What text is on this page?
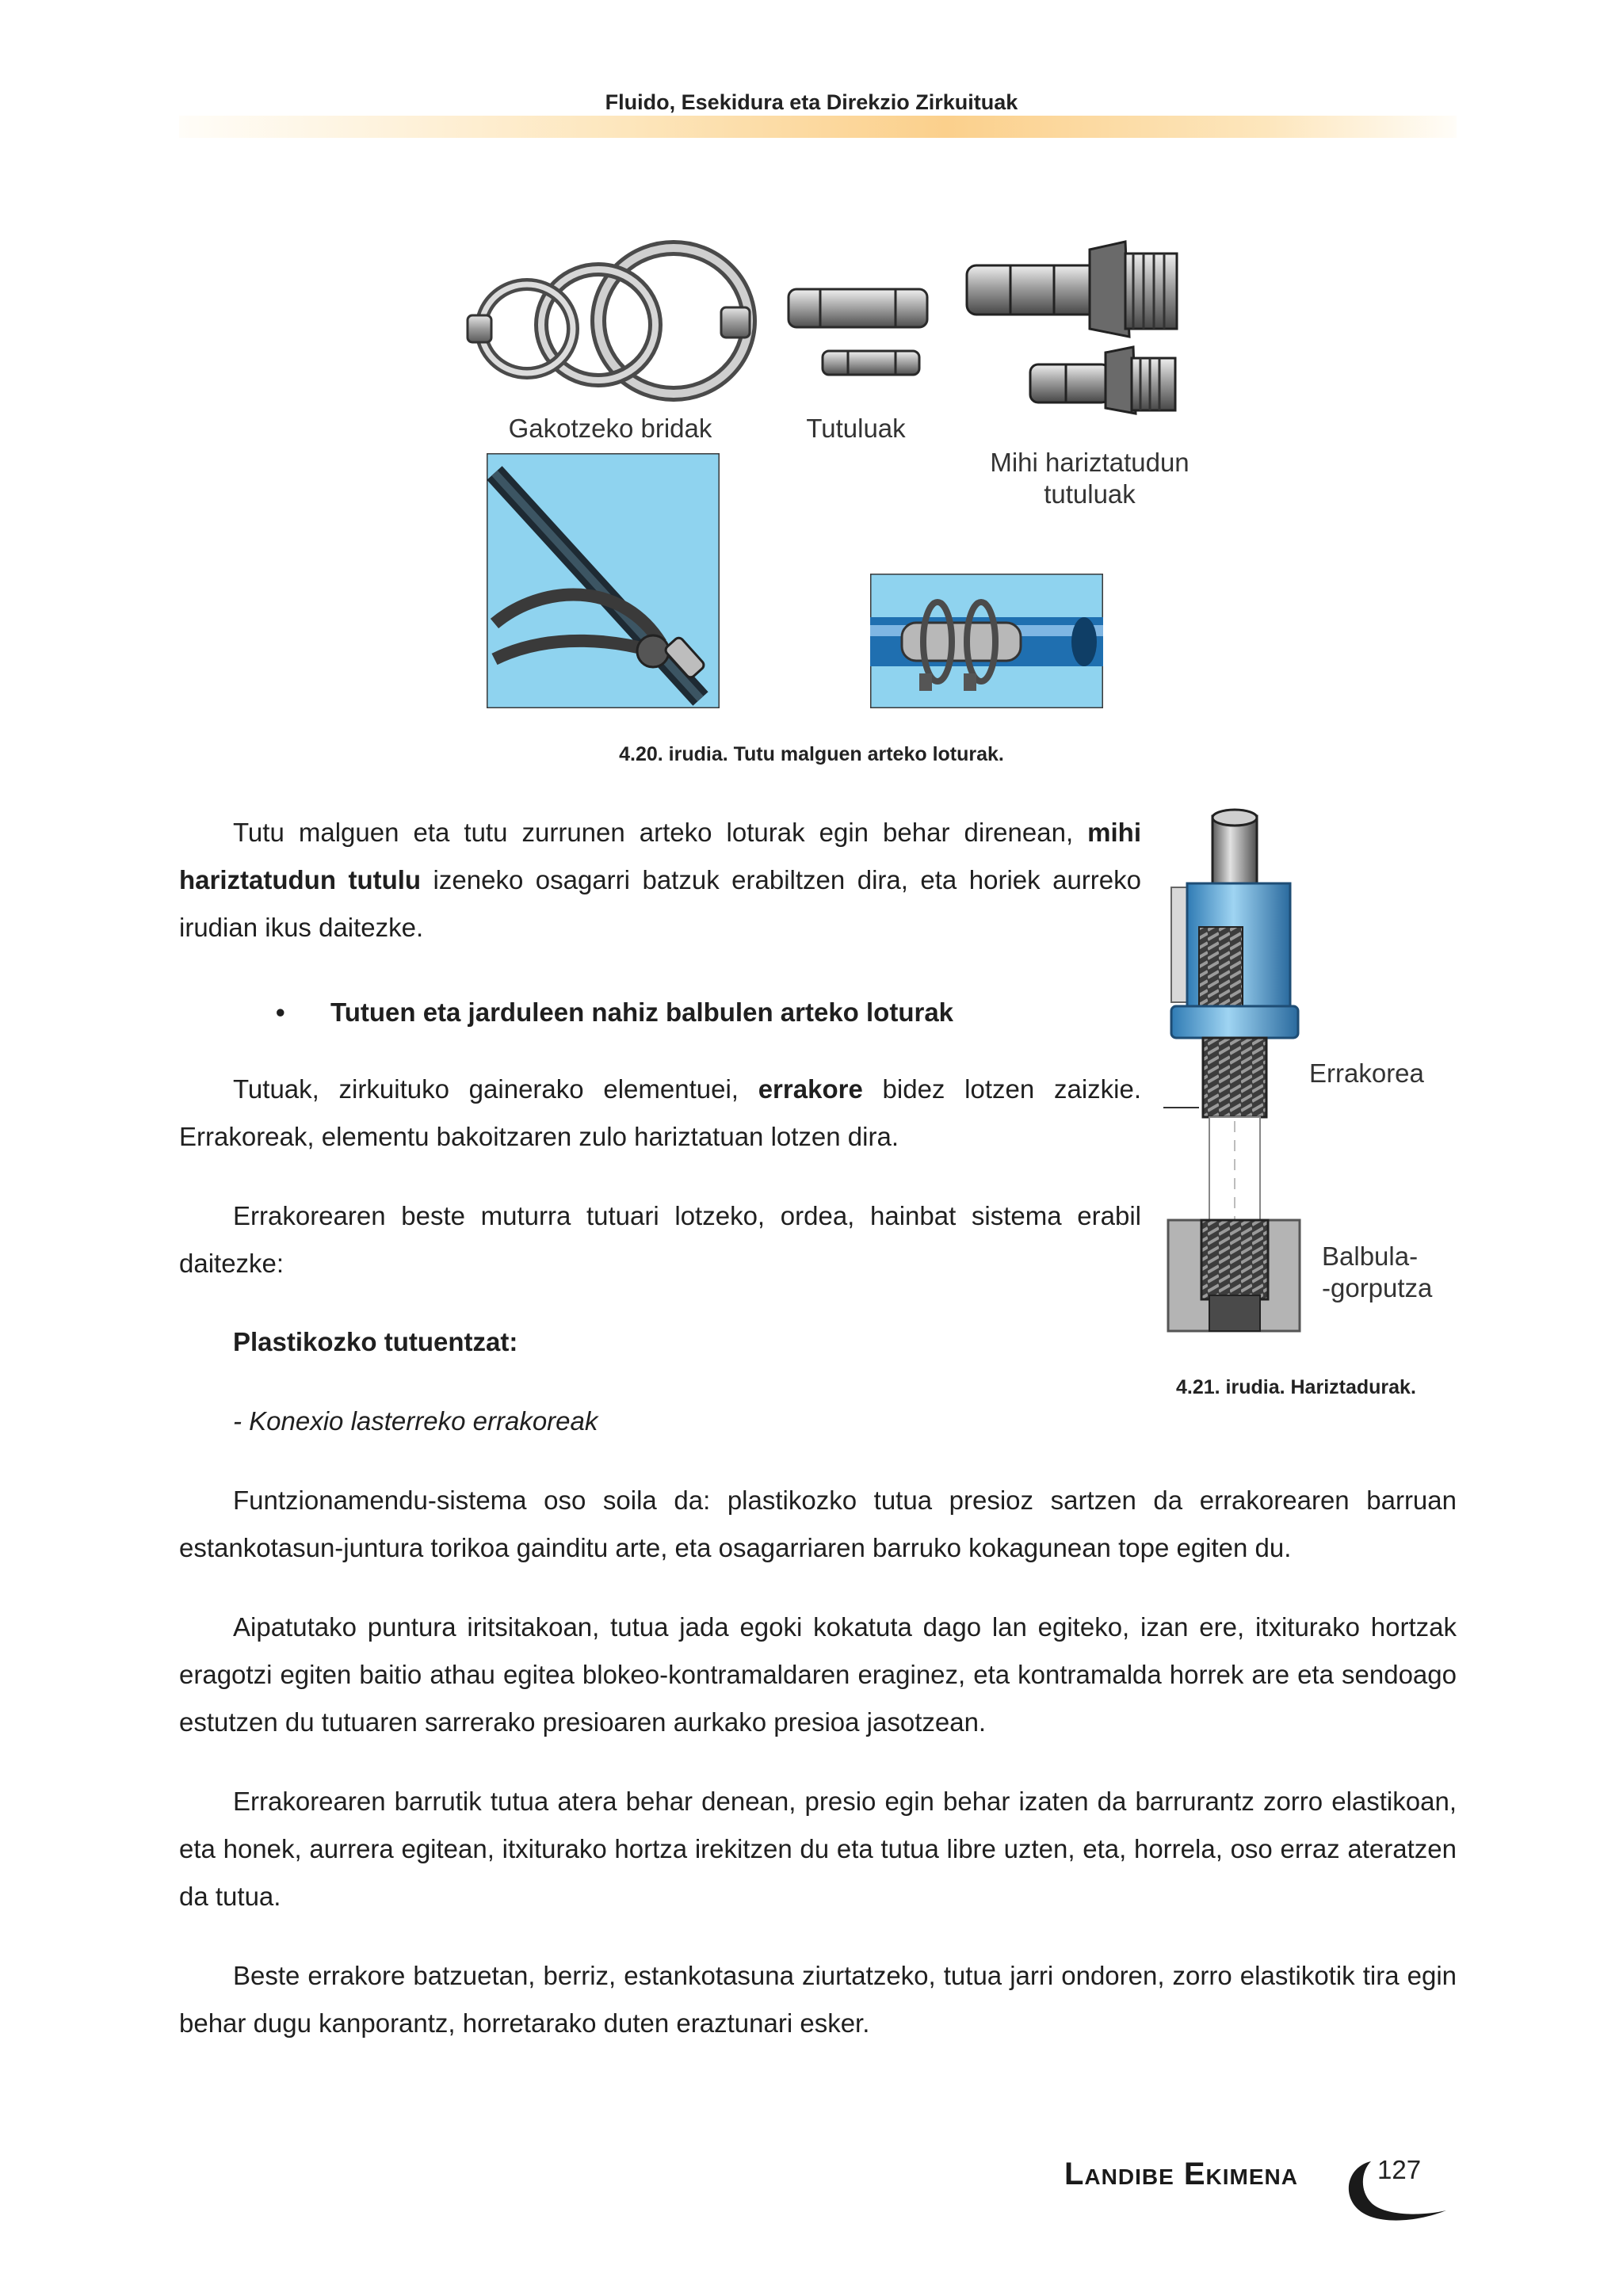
Fluido, Esekidura eta Direkzio Zirkuituak
Gakotzeko bridak	Tutuluak
Mihi hariztatudun
tutuluak
4.20. irudia. Tutu malguen arteko loturak.
Errakorea
Balbula-
-gorputza
4.21. irudia. Hariztadurak.
Tutu malguen eta tutu zurrunen arteko loturak egin behar direnean, mihi hariztatudun tutulu izeneko osagarri batzuk erabiltzen dira, eta horiek aurreko irudian ikus daitezke.
• Tutuen eta jarduleen nahiz balbulen arteko loturak
Tutuak, zirkuituko gainerako elementuei, errakore bidez lotzen zaizkie. Errakoreak, elementu bakoitzaren zulo hariztatuan lotzen dira.
Errakorearen beste muturra tutuari lotzeko, ordea, hainbat sistema erabil daitezke:
Plastikozko tutuentzat:
- Konexio lasterreko errakoreak
Funtzionamendu-sistema oso soila da: plastikozko tutua presioz sartzen da errakorearen barruan estankotasun-juntura torikoa gainditu arte, eta osagarriaren barruko kokagunean tope egiten du.
Aipatutako puntura iritsitakoan, tutua jada egoki kokatuta dago lan egiteko, izan ere, itxiturako hortzak eragotzi egiten baitio athau egitea blokeo-kontramaldaren eraginez, eta kontramalda horrek are eta sendoago estutzen du tutuaren sarrerako presioaren aurkako presioa jasotzean.
Errakorearen barrutik tutua atera behar denean, presio egin behar izaten da barrurantz zorro elastikoan, eta honek, aurrera egitean, itxiturako hortza irekitzen du eta tutua libre uzten, eta, horrela, oso erraz ateratzen da tutua.
Beste errakore batzuetan, berriz, estankotasuna ziurtatzeko, tutua jarri ondoren, zorro elastikotik tira egin behar dugu kanporantz, horretarako duten eraztunari esker.
Landibe Ekimena	127
